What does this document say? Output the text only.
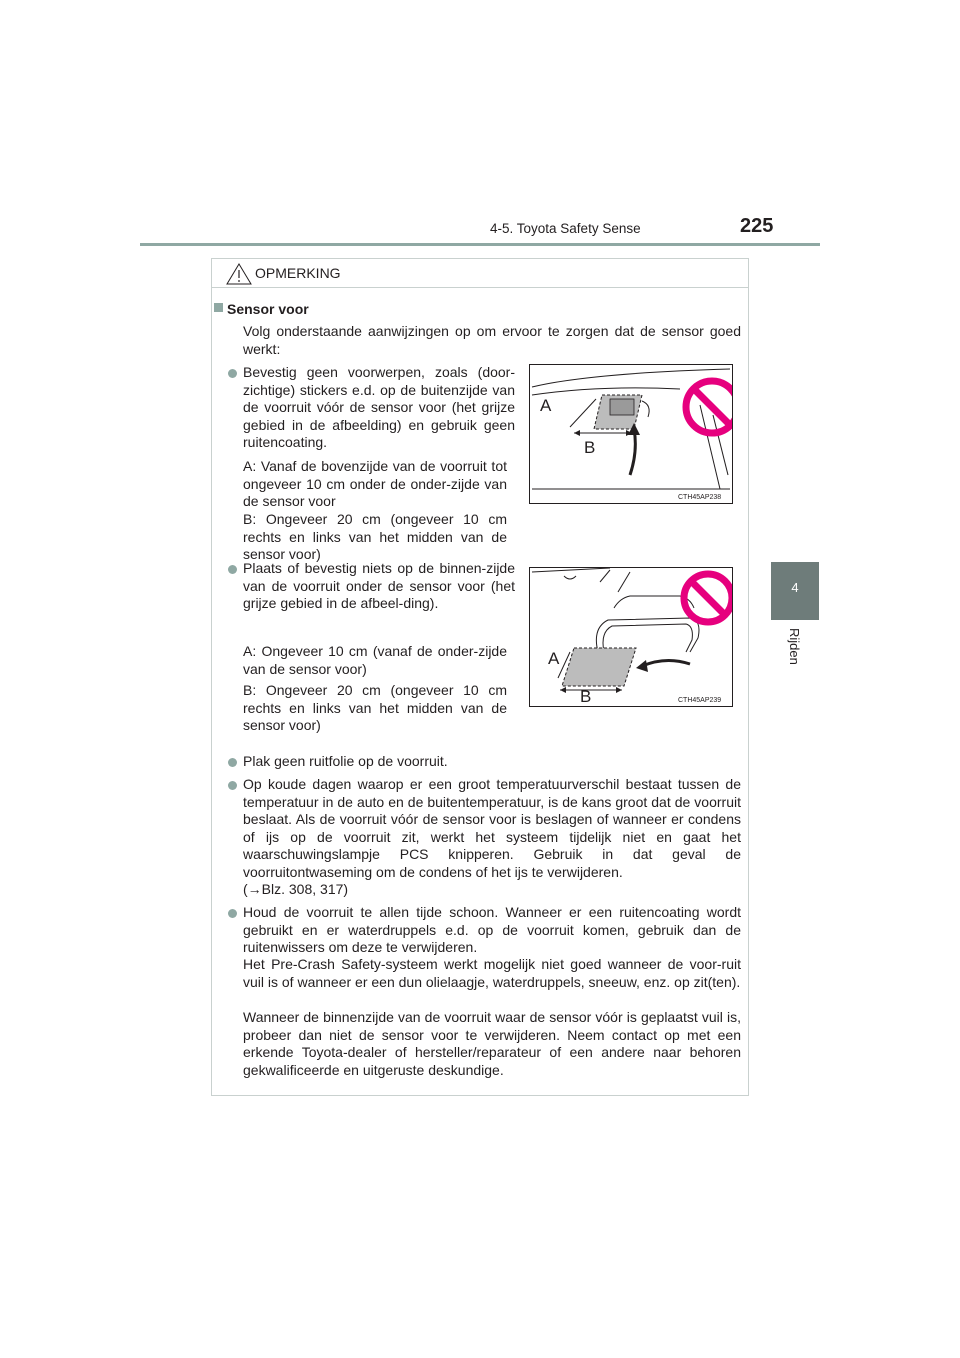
4-5. Toyota Safety Sense	225
4
Rijden
OPMERKING
Sensor voor
Volg onderstaande aanwijzingen op om ervoor te zorgen dat de sensor goed werkt:
Bevestig geen voorwerpen, zoals (door-zichtige) stickers e.d. op de buitenzijde van de voorruit vóór de sensor voor (het grijze gebied in de afbeelding) en gebruik geen ruitencoating.
A: Vanaf de bovenzijde van de voorruit tot ongeveer 10 cm onder de onder-zijde van de sensor voor
B: Ongeveer 20 cm (ongeveer 10 cm rechts en links van het midden van de sensor voor)
A
B
CTH45AP238
Plaats of bevestig niets op de binnen-zijde van de voorruit onder de sensor voor (het grijze gebied in de afbeel-ding).
A: Ongeveer 10 cm (vanaf de onder-zijde van de sensor voor)
B: Ongeveer 20 cm (ongeveer 10 cm rechts en links van het midden van de sensor voor)
A
B	CTH45AP239
Plak geen ruitfolie op de voorruit.
Op koude dagen waarop er een groot temperatuurverschil bestaat tussen de temperatuur in de auto en de buitentemperatuur, is de kans groot dat de voorruit beslaat. Als de voorruit vóór de sensor voor is beslagen of wanneer er condens of ijs op de voorruit zit, werkt het systeem tijdelijk niet en gaat het waarschuwingslampje PCS knipperen. Gebruik in dat geval de voorruitontwaseming om de condens of het ijs te verwijderen.
(→Blz. 308, 317)
Houd de voorruit te allen tijde schoon. Wanneer er een ruitencoating wordt gebruikt en er waterdruppels e.d. op de voorruit komen, gebruik dan de ruitenwissers om deze te verwijderen.
Het Pre-Crash Safety-systeem werkt mogelijk niet goed wanneer de voor-ruit vuil is of wanneer er een dun olielaagje, waterdruppels, sneeuw, enz. op zit(ten).
Wanneer de binnenzijde van de voorruit waar de sensor vóór is geplaatst vuil is, probeer dan niet de sensor voor te verwijderen. Neem contact op met een erkende Toyota-dealer of hersteller/reparateur of een andere naar behoren gekwalificeerde en uitgeruste deskundige.
